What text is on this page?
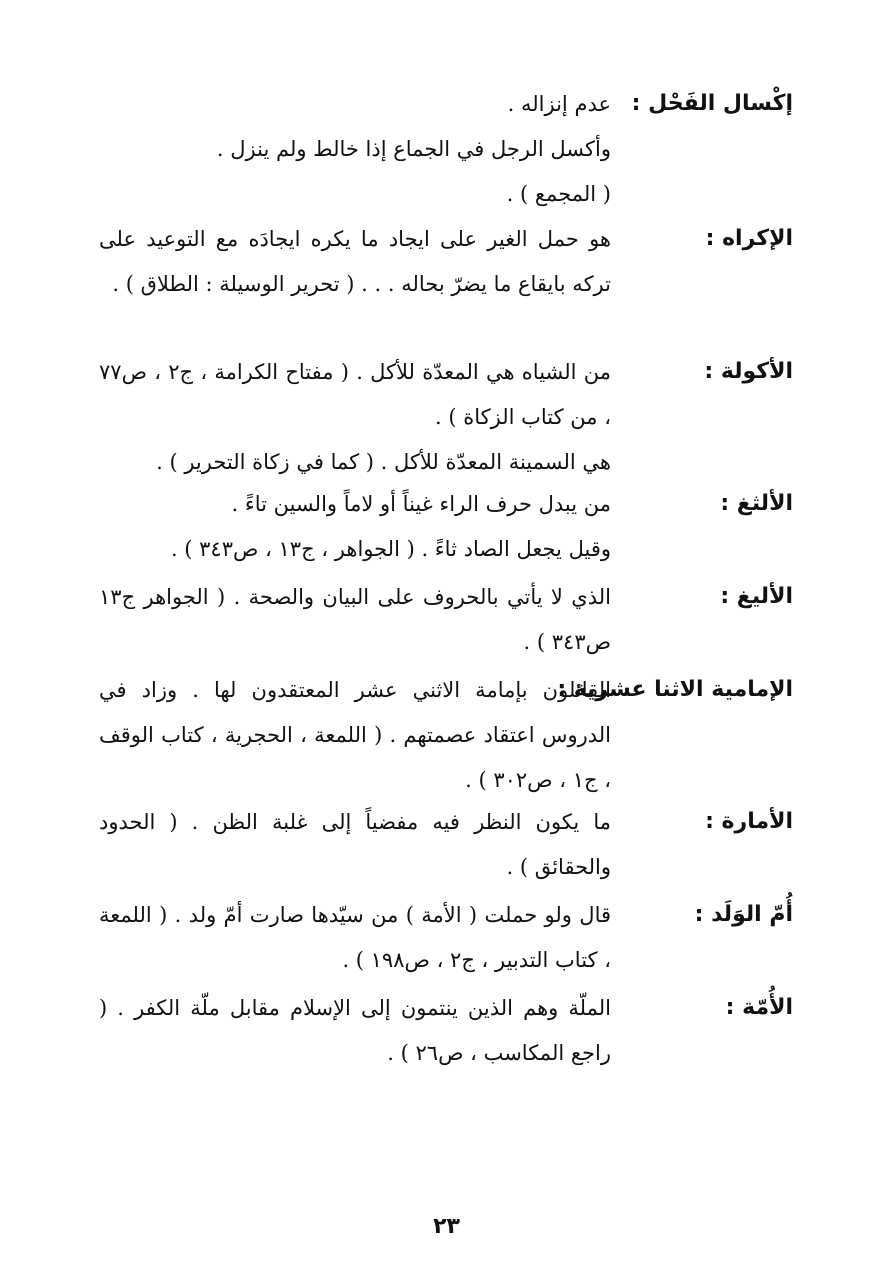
إكْسال الفَحْل :

عدم إنزاله .

وأكسل الرجل في الجماع إذا خالط ولم ينزل .

( المجمع ) .

الإكراه :

هو حمل الغير على ايجاد ما يكره ايجادَه مع التوعيد على تركه بايقاع ما يضرّ بحاله . . . ( تحرير الوسيلة : الطلاق ) .

الأكولة :

من الشياه هي المعدّة للأكل . ( مفتاح الكرامة ، ج٢ ، ص٧٧ ، من كتاب الزكاة ) .

هي السمينة المعدّة للأكل . ( كما في زكاة التحرير ) .

الألثغ :

من يبدل حرف الراء غيناً أو لاماً والسين تاءً .

وقيل يجعل الصاد ثاءً . ( الجواهر ، ج١٣ ، ص٣٤٣ ) .

الأليغ :

الذي لا يأتي بالحروف على البيان والصحة . ( الجواهر ج١٣ ص٣٤٣ ) .

الإمامية الاثنا عشرية :

القائلون بإمامة الاثني عشر المعتقدون لها . وزاد في الدروس اعتقاد عصمتهم . ( اللمعة ، الحجرية ، كتاب الوقف ، ج١ ، ص٣٠٢ ) .

الأمارة :

ما يكون النظر فيه مفضياً إلى غلبة الظن . ( الحدود والحقائق ) .

أُمّ الوَلَد :

قال ولو حملت ( الأمة ) من سيّدها صارت أمّ ولد . ( اللمعة ، كتاب التدبير ، ج٢ ، ص١٩٨ ) .

الأُمّة :

الملّة وهم الذين ينتمون إلى الإسلام مقابل ملّة الكفر . ( راجع المكاسب ، ص٢٦ ) .

٢٣
